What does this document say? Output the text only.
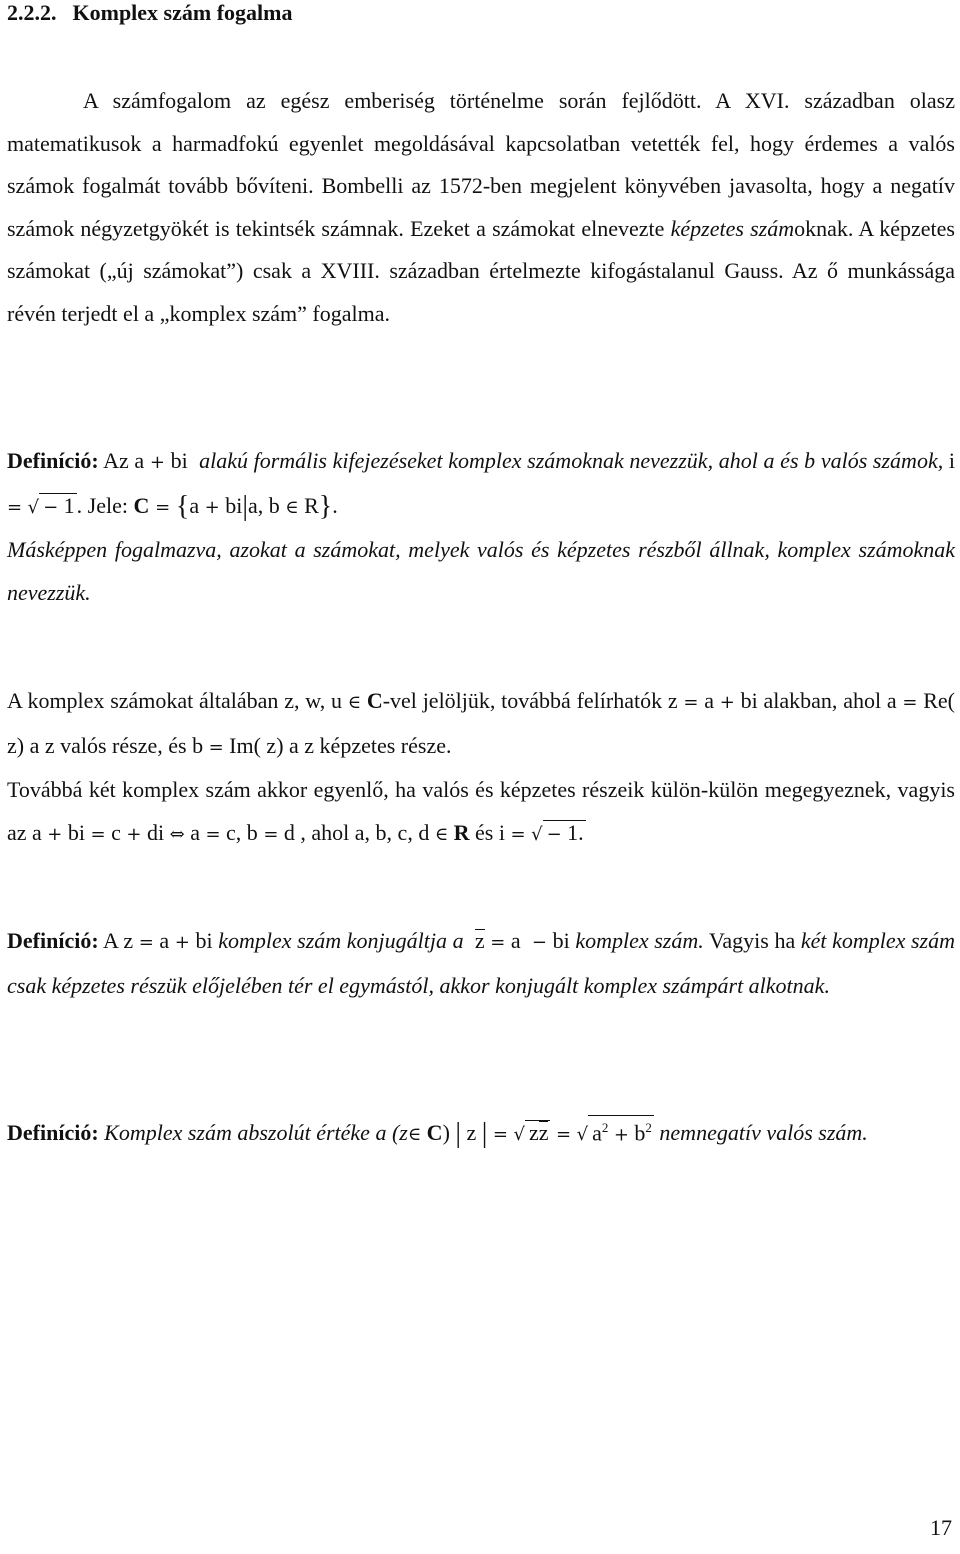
2.2.2. Komplex szám fogalma
A számfogalom az egész emberiség történelme során fejlődött. A XVI. században olasz matematikusok a harmadfokú egyenlet megoldásával kapcsolatban vetették fel, hogy érdemes a valós számok fogalmát tovább bővíteni. Bombelli az 1572-ben megjelent könyvében javasolta, hogy a negatív számok négyzetgyökét is tekintsék számnak. Ezeket a számokat elnevezte képzetes számoknak. A képzetes számokat („új számokat”) csak a XVIII. században értelmezte kifogástalanul Gauss. Az ő munkássága révén terjedt el a „komplex szám” fogalma.
Definíció: Az a + bi  alakú formális kifejezéseket komplex számoknak nevezzük, ahol a és b valós számok, i = √ − 1. Jele: C = {a + bi|a, b ∈ R}.
Másképpen fogalmazva, azokat a számokat, melyek valós és képzetes részből állnak, komplex számoknak nevezzük.
A komplex számokat általában z, w, u ∈ C-vel jelöljük, továbbá felírhatók z = a + bi alakban, ahol a = Re( z) a z valós része, és b = Im( z) a z képzetes része.
Továbbá két komplex szám akkor egyenlő, ha valós és képzetes részeik külön-külön megegyeznek, vagyis az a + bi = c + di ⇔ a = c, b = d , ahol a, b, c, d ∈ R és i = √ − 1.
Definíció: A z = a + bi komplex szám konjugáltja a  z = a  − bi komplex szám. Vagyis ha két komplex szám csak képzetes részük előjelében tér el egymástól, akkor konjugált komplex számpárt alkotnak.
Definíció: Komplex szám abszolút értéke a (z∈ C) | z | = √ zz = √ $a^2 + b^2$ nemnegatív valós szám.
17
